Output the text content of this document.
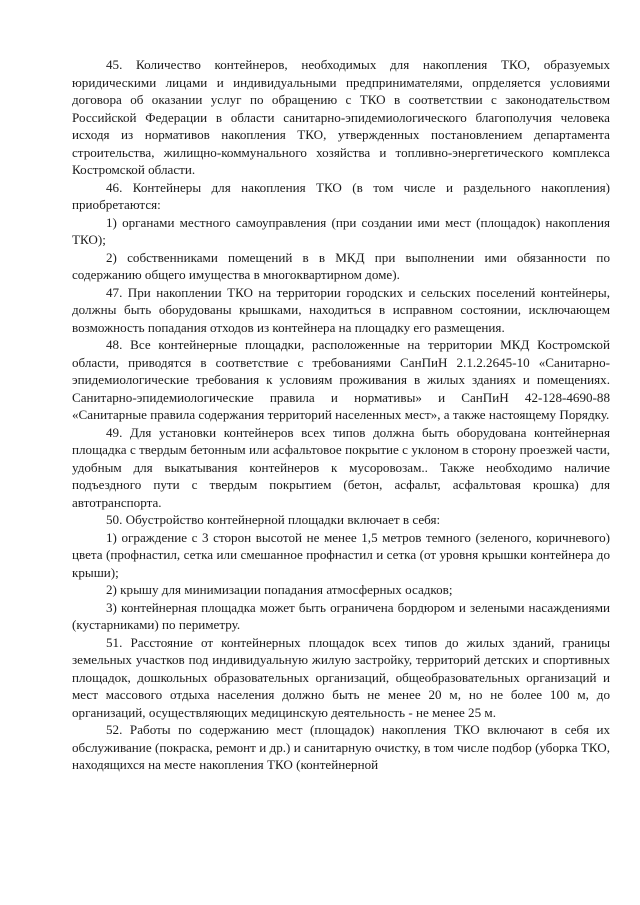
45. Количество контейнеров, необходимых для накопления ТКО, образуемых юридическими лицами и индивидуальными предпринимателями, опрделяется условиями договора об оказании услуг по обращению с ТКО в соответствии с законодательством Российской Федерации в области санитарно-эпидемиологического благополучия человека исходя из нормативов накопления ТКО, утвержденных постановлением департамента строительства, жилищно-коммунального хозяйства и топливно-энергетического комплекса Костромской области.

46. Контейнеры для накопления ТКО (в том числе и раздельного накопления) приобретаются:

1) органами местного самоуправления (при создании ими мест (площадок) накопления ТКО);

2) собственниками помещений в в МКД при выполнении ими обязанности по содержанию общего имущества в многоквартирном доме).

47. При накоплении ТКО на территории городских и сельских поселений контейнеры, должны быть оборудованы крышками, находиться в исправном состоянии, исключающем возможность попадания отходов из контейнера на площадку его размещения.

48. Все контейнерные площадки, расположенные на территории МКД Костромской области, приводятся в соответствие с требованиями СанПиН 2.1.2.2645-10 «Санитарно-эпидемиологические требования к условиям проживания в жилых зданиях и помещениях. Санитарно-эпидемиологические правила и нормативы» и СанПиН 42-128-4690-88 «Санитарные правила содержания территорий населенных мест», а также настоящему Порядку.

49. Для установки контейнеров всех типов должна быть оборудована контейнерная площадка с твердым бетонным или асфальтовое покрытие с уклоном в сторону проезжей части, удобным для выкатывания контейнеров к мусоровозам.. Также необходимо наличие подъездного пути с твердым покрытием (бетон, асфальт, асфальтовая крошка) для автотранспорта.

50. Обустройство контейнерной площадки включает в себя:

1) ограждение с 3 сторон высотой не менее 1,5 метров темного (зеленого, коричневого) цвета (профнастил, сетка или смешанное профнастил и сетка (от уровня крышки контейнера до крыши);

2) крышу для минимизации попадания атмосферных осадков;

3) контейнерная площадка может быть ограничена бордюром и зелеными насаждениями (кустарниками) по периметру.

51. Расстояние от контейнерных площадок всех типов до жилых зданий, границы земельных участков под индивидуальную жилую застройку, территорий детских и спортивных площадок, дошкольных образовательных организаций, общеобразовательных организаций и мест массового отдыха населения должно быть не менее 20 м, но не более 100 м, до организаций, осуществляющих медицинскую деятельность - не менее 25 м.

52. Работы по содержанию мест (площадок) накопления ТКО включают в себя их обслуживание (покраска, ремонт и др.) и санитарную очистку, в том числе подбор (уборка ТКО, находящихся на месте накопления ТКО (контейнерной
